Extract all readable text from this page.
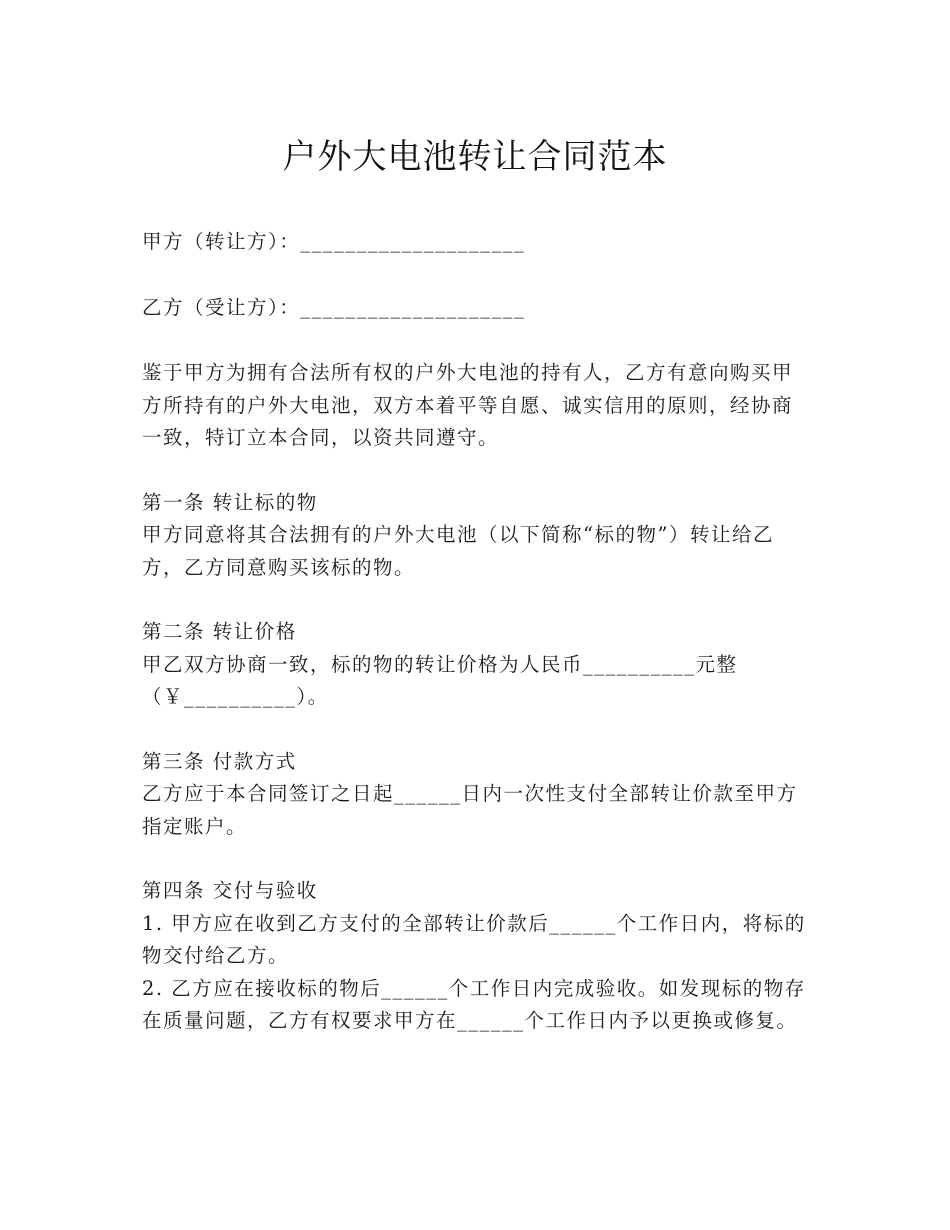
户外大电池转让合同范本

甲方（转让方）：____________________

乙方（受让方）：____________________

鉴于甲方为拥有合法所有权的户外大电池的持有人，乙方有意向购买甲方所持有的户外大电池，双方本着平等自愿、诚实信用的原则，经协商一致，特订立本合同，以资共同遵守。

第一条 转让标的物

甲方同意将其合法拥有的户外大电池（以下简称“标的物”）转让给乙方，乙方同意购买该标的物。

第二条 转让价格

甲乙双方协商一致，标的物的转让价格为人民币__________元整

（￥__________）。

第三条 付款方式

乙方应于本合同签订之日起______日内一次性支付全部转让价款至甲方指定账户。

第四条 交付与验收

1. 甲方应在收到乙方支付的全部转让价款后______个工作日内，将标的物交付给乙方。

2. 乙方应在接收标的物后______个工作日内完成验收。如发现标的物存在质量问题，乙方有权要求甲方在______个工作日内予以更换或修复。
